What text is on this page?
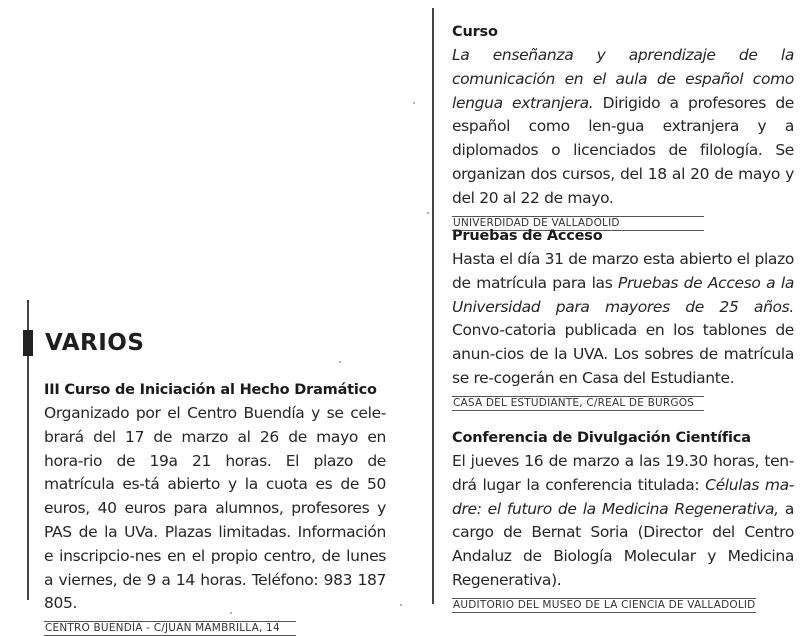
VARIOS
III Curso de Iniciación al Hecho Dramático

Organizado por el Centro Buendía y se cele-brará del 17 de marzo al 26 de mayo en hora-rio de 19a 21 horas. El plazo de matrícula es-tá abierto y la cuota es de 50 euros, 40 euros para alumnos, profesores y PAS de la UVa. Plazas limitadas. Información e inscripcio-nes en el propio centro, de lunes a viernes, de 9 a 14 horas. Teléfono: 983 187 805.

CENTRO BUENDÍA - C/JUAN MAMBRILLA, 14
Curso

La enseñanza y aprendizaje de la comunicación en el aula de español como lengua extranjera. Dirigido a profesores de español como len-gua extranjera y a diplomados o licenciados de filología. Se organizan dos cursos, del 18 al 20 de mayo y del 20 al 22 de mayo.

UNIVERDIDAD DE VALLADOLID
Pruebas de Acceso

Hasta el día 31 de marzo esta abierto el plazo de matrícula para las Pruebas de Acceso a la Universidad para mayores de 25 años. Convo-catoria publicada en los tablones de anun-cios de la UVA. Los sobres de matrícula se re-cogerán en Casa del Estudiante.

CASA DEL ESTUDIANTE, C/REAL DE BURGOS
Conferencia de Divulgación Científica

El jueves 16 de marzo a las 19.30 horas, ten-drá lugar la conferencia titulada: Células ma-dre: el futuro de la Medicina Regenerativa, a cargo de Bernat Soria (Director del Centro Andaluz de Biología Molecular y Medicina Regenerativa).

AUDITORIO DEL MUSEO DE LA CIENCIA DE VALLADOLID
